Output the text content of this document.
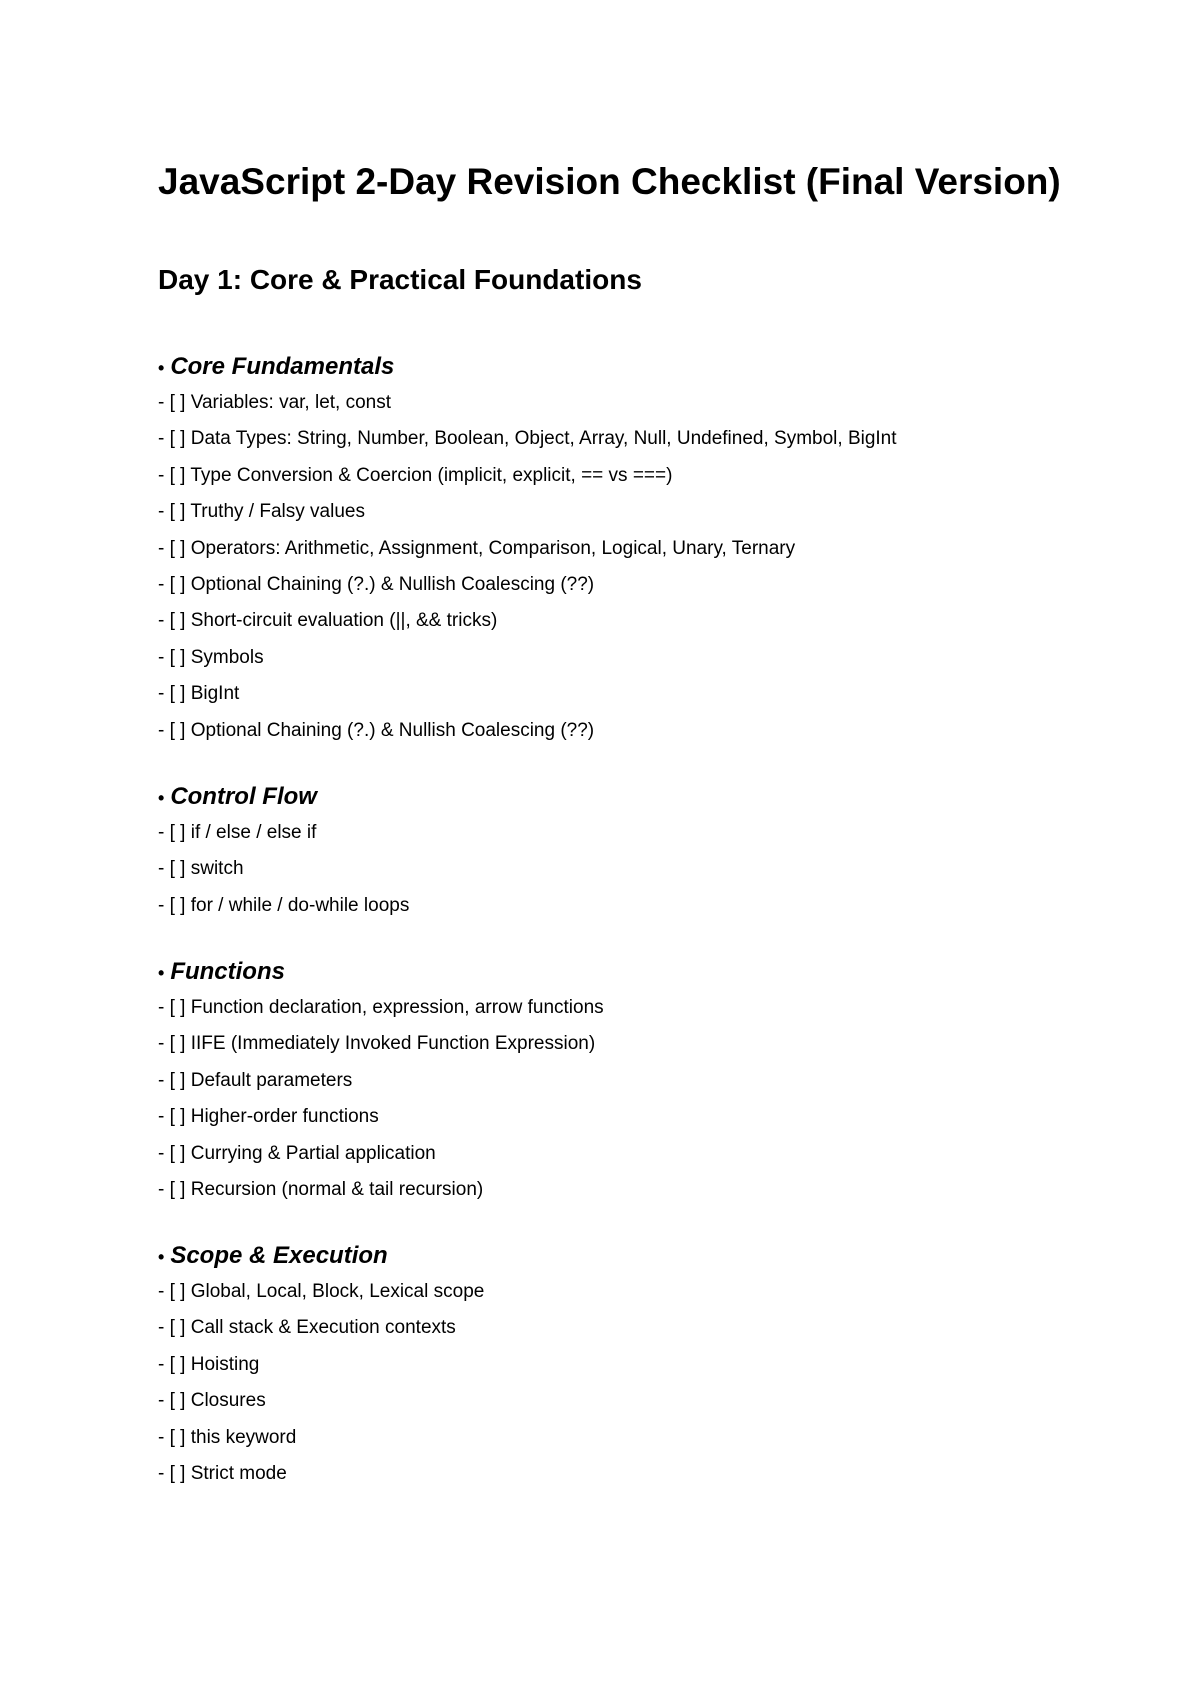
JavaScript 2-Day Revision Checklist (Final Version)
Day 1: Core & Practical Foundations
• Core Fundamentals
- [ ] Variables: var, let, const
- [ ] Data Types: String, Number, Boolean, Object, Array, Null, Undefined, Symbol, BigInt
- [ ] Type Conversion & Coercion (implicit, explicit, == vs ===)
- [ ] Truthy / Falsy values
- [ ] Operators: Arithmetic, Assignment, Comparison, Logical, Unary, Ternary
- [ ] Optional Chaining (?.) & Nullish Coalescing (??)
- [ ] Short-circuit evaluation (||, && tricks)
- [ ] Symbols
- [ ] BigInt
- [ ] Optional Chaining (?.) & Nullish Coalescing (??)
• Control Flow
- [ ] if / else / else if
- [ ] switch
- [ ] for / while / do-while loops
• Functions
- [ ] Function declaration, expression, arrow functions
- [ ] IIFE (Immediately Invoked Function Expression)
- [ ] Default parameters
- [ ] Higher-order functions
- [ ] Currying & Partial application
- [ ] Recursion (normal & tail recursion)
• Scope & Execution
- [ ] Global, Local, Block, Lexical scope
- [ ] Call stack & Execution contexts
- [ ] Hoisting
- [ ] Closures
- [ ] this keyword
- [ ] Strict mode
